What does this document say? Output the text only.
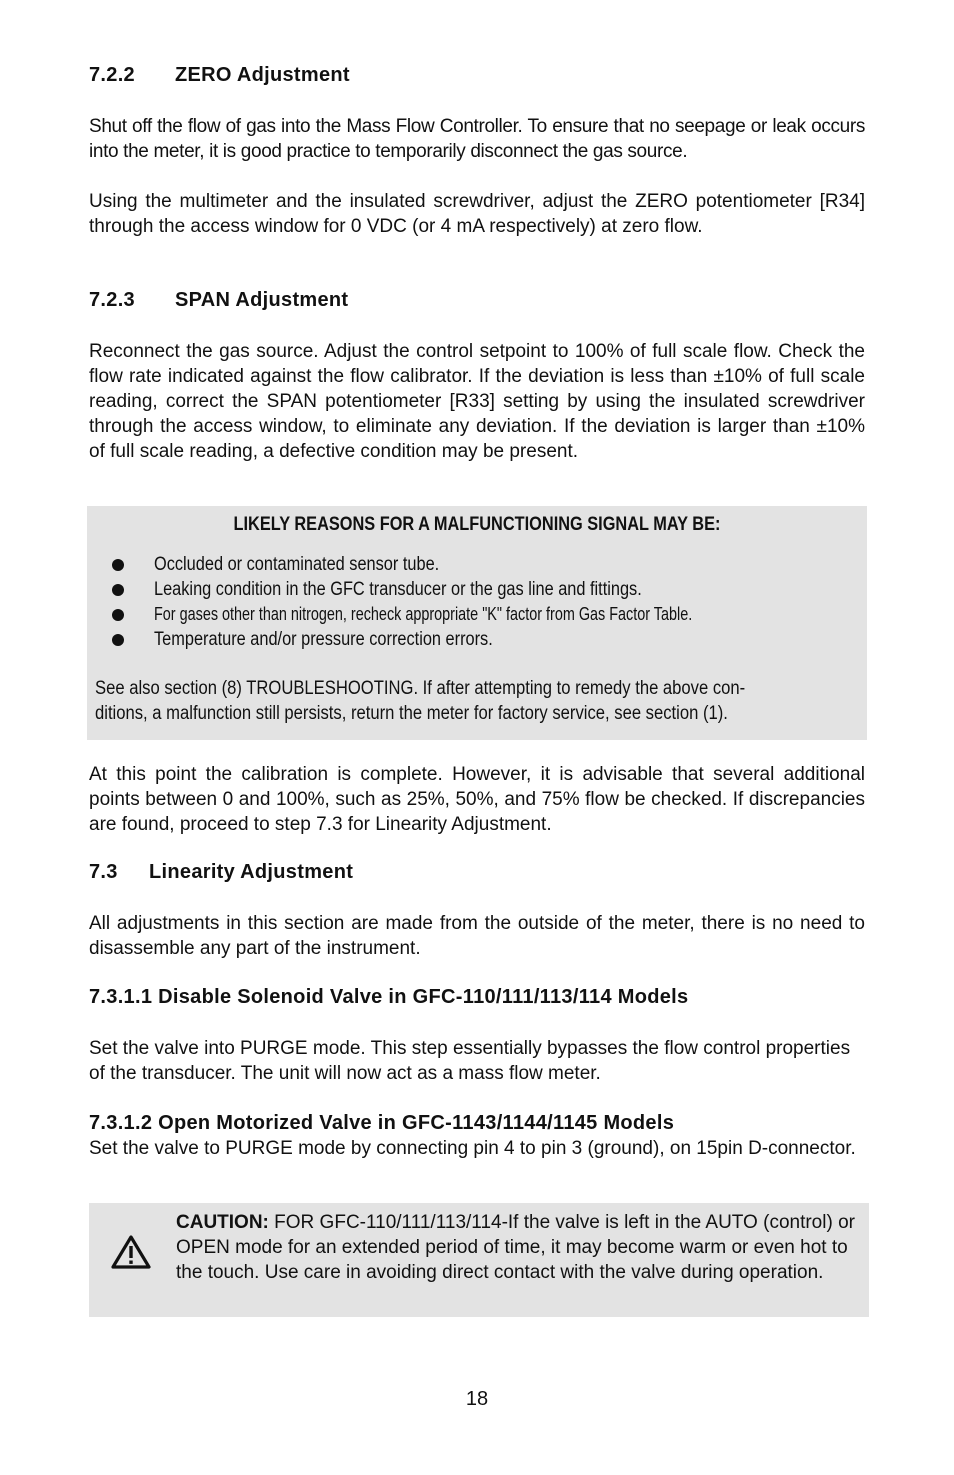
7.2.2 ZERO Adjustment

Shut off the flow of gas into the Mass Flow Controller. To ensure that no seepage or leak occurs into the meter, it is good practice to temporarily disconnect the gas source.

Using the multimeter and the insulated screwdriver, adjust the ZERO potentiometer [R34] through the access window for 0 VDC (or 4 mA respectively) at zero flow.

7.2.3 SPAN Adjustment

Reconnect the gas source. Adjust the control setpoint to 100% of full scale flow. Check the flow rate indicated against the flow calibrator. If the deviation is less than ±10% of full scale reading, correct the SPAN potentiometer [R33] setting by using the insulated screwdriver through the access window, to eliminate any deviation. If the deviation is larger than ±10% of full scale reading, a defective condition may be present.

LIKELY REASONS FOR A MALFUNCTIONING SIGNAL MAY BE:

Occluded or contaminated sensor tube.
Leaking condition in the GFC transducer or the gas line and fittings.
For gases other than nitrogen, recheck appropriate "K" factor from Gas Factor Table.
Temperature and/or pressure correction errors.
See also section (8) TROUBLESHOOTING. If after attempting to remedy the above con-
ditions, a malfunction still persists, return the meter for factory service, see section (1).

At this point the calibration is complete. However, it is advisable that several additional points between 0 and 100%, such as 25%, 50%, and 75% flow be checked. If discrepancies are found, proceed to step 7.3 for Linearity Adjustment.

7.3 Linearity Adjustment

All adjustments in this section are made from the outside of the meter, there is no need to disassemble any part of the instrument.

7.3.1.1 Disable Solenoid Valve in GFC-110/111/113/114 Models

Set the valve into PURGE mode. This step essentially bypasses the flow control properties of the transducer. The unit will now act as a mass flow meter.

7.3.1.2 Open Motorized Valve in GFC-1143/1144/1145 Models

Set the valve to PURGE mode by connecting pin 4 to pin 3 (ground), on 15pin D-connector.

CAUTION: FOR GFC-110/111/113/114-If the valve is left in the AUTO (control) or OPEN mode for an extended period of time, it may become warm or even hot to the touch. Use care in avoiding direct contact with the valve during operation.

18
